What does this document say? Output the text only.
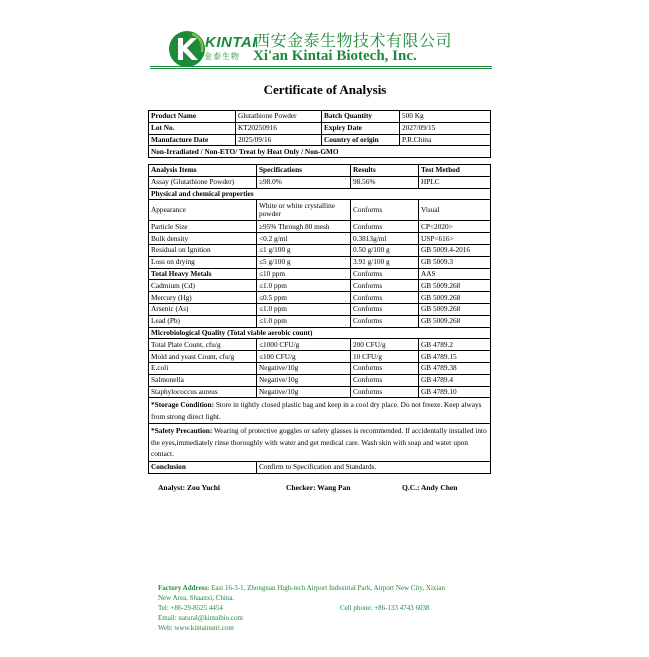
KINTAI
金泰生物
西安金泰生物技术有限公司
Xi'an Kintai Biotech, Inc.
Certificate of Analysis
Product Name	Glutathione Powder	Batch Quantity	500 Kg
Lot No.	KT20250916	Expiry Date	2027/09/15
Manufacture Date	2025/09/16	Country of origin	P.R.China
Non-Irradiated / Non-ETO/ Treat by Heat Only / Non-GMO			
Analysis Items	Specifications	Results	Test Method
Assay (Glutathione Powder)	≥98.0%	98.56%	HPLC
Physical and chemical properties			
Appearance	White or white crystalline powder	Conforms	Visual
Particle Size	≥95% Through 80 mesh	Conforms	CP<2020>
Bulk density	<0.2 g/ml	0.3813g/ml	USP<616>
Residual on Ignition	≤1 g/100 g	0.50 g/100 g	GB 5009.4-2016
Loss on drying	≤5 g/100 g	3.91 g/100 g	GB 5009.3
Total Heavy Metals	≤10 ppm	Conforms	AAS
Cadmium (Cd)	≤1.0 ppm	Conforms	GB 5009.268
Mercury (Hg)	≤0.5 ppm	Conforms	GB 5009.268
Arsenic (As)	≤1.0 ppm	Conforms	GB 5009.268
Lead (Pb)	≤1.0 ppm	Conforms	GB 5009.268
Microbiological Quality (Total viable aerobic count)			
Total Plate Count, cfu/g	≤1000 CFU/g	200 CFU/g	GB 4789.2
Mold and yeast Count, cfu/g	≤100 CFU/g	10 CFU/g	GB 4789.15
E.coli	Negative/10g	Conforms	GB 4789.38
Salmonella	Negative/10g	Conforms	GB 4789.4
Staphylococcus aureus	Negative/10g	Conforms	GB 4789.10
*Storage Condition: Store in tightly closed plastic bag and keep in a cool dry place. Do not freeze. Keep always from strong direct light.			
*Safety Precaution: Wearing of protective goggles or safety glasses is recommended. If accidentally installed into the eyes,immediately rinse thoroughly with water and get medical care. Wash skin with soap and water upon contact.			
Conclusion	Confirm to Specification and Standards.		
Analyst: Zou Yuchi	Checker: Wang Pan	Q.C.: Andy Chen
Factory Address: East 16-3-1, Zhongnan High-tech Airport Industrial Park, Airport New City, Xixian
New Area, Shaanxi, China.
Tel: +86-29-8525 4454	Cell phone: +86-133 4743 6038
Email: natural@kintaibio.com
Web: www.kintainutri.com
